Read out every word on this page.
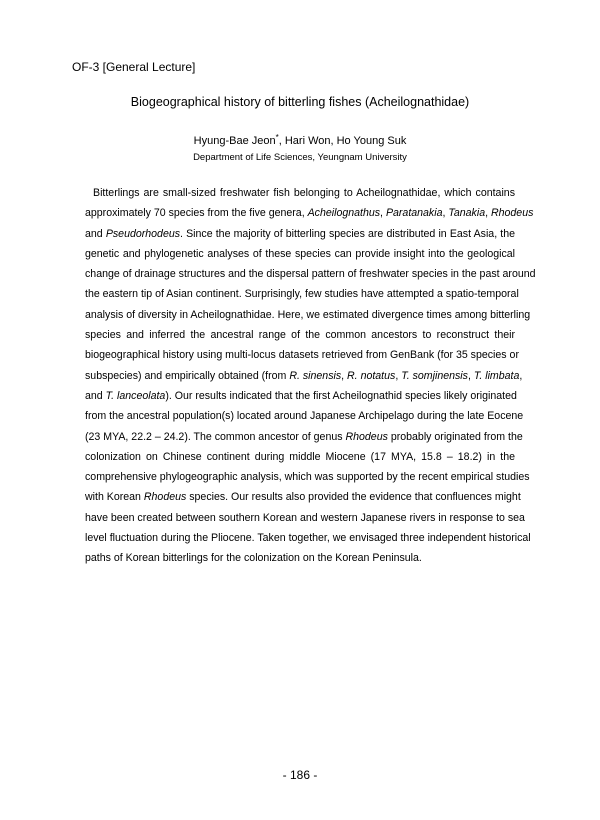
OF-3 [General Lecture]
Biogeographical history of bitterling fishes (Acheilognathidae)
Hyung-Bae Jeon*, Hari Won, Ho Young Suk
Department of Life Sciences, Yeungnam University
Bitterlings are small-sized freshwater fish belonging to Acheilognathidae, which contains
approximately 70 species from the five genera, Acheilognathus, Paratanakia, Tanakia, Rhodeus
and Pseudorhodeus. Since the majority of bitterling species are distributed in East Asia, the
genetic and phylogenetic analyses of these species can provide insight into the geological
change of drainage structures and the dispersal pattern of freshwater species in the past around
the eastern tip of Asian continent. Surprisingly, few studies have attempted a spatio-temporal
analysis of diversity in Acheilognathidae. Here, we estimated divergence times among bitterling
species and inferred the ancestral range of the common ancestors to reconstruct their
biogeographical history using multi-locus datasets retrieved from GenBank (for 35 species or
subspecies) and empirically obtained (from R. sinensis, R. notatus, T. somjinensis, T. limbata,
and T. lanceolata). Our results indicated that the first Acheilognathid species likely originated
from the ancestral population(s) located around Japanese Archipelago during the late Eocene
(23 MYA, 22.2 – 24.2). The common ancestor of genus Rhodeus probably originated from the
colonization on Chinese continent during middle Miocene (17 MYA, 15.8 – 18.2) in the
comprehensive phylogeographic analysis, which was supported by the recent empirical studies
with Korean Rhodeus species. Our results also provided the evidence that confluences might
have been created between southern Korean and western Japanese rivers in response to sea
level fluctuation during the Pliocene. Taken together, we envisaged three independent historical
paths of Korean bitterlings for the colonization on the Korean Peninsula.
- 186 -
